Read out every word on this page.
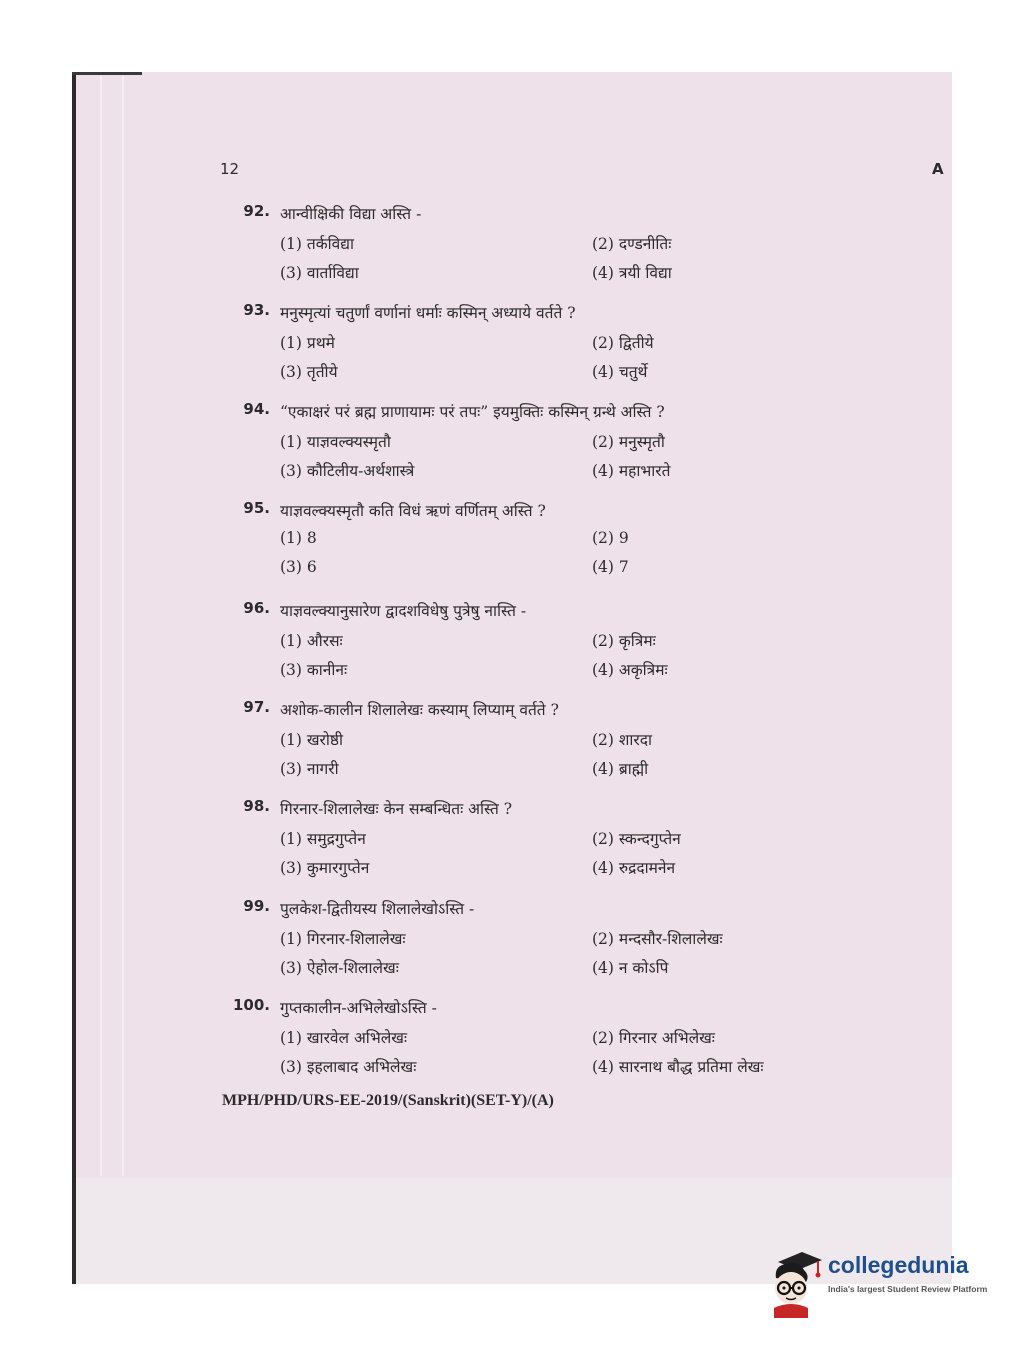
12	A
92. आन्वीक्षिकी विद्या अस्ति -
(1) तर्कविद्या	(2) दण्डनीतिः
(3) वार्ताविद्या	(4) त्रयी विद्या
93. मनुस्मृत्यां चतुर्णां वर्णानां धर्माः कस्मिन् अध्याये वर्तते ?
(1) प्रथमे	(2) द्वितीये
(3) तृतीये	(4) चतुर्थे
94. “एकाक्षरं परं ब्रह्म प्राणायामः परं तपः” इयमुक्तिः कस्मिन् ग्रन्थे अस्ति ?
(1) याज्ञवल्क्यस्मृतौ	(2) मनुस्मृतौ
(3) कौटिलीय-अर्थशास्त्रे	(4) महाभारते
95. याज्ञवल्क्यस्मृतौ कति विधं ऋणं वर्णितम् अस्ति ?
(1) 8	(2) 9
(3) 6	(4) 7
96. याज्ञवल्क्यानुसारेण द्वादशविधेषु पुत्रेषु नास्ति -
(1) औरसः	(2) कृत्रिमः
(3) कानीनः	(4) अकृत्रिमः
97. अशोक-कालीन शिलालेखः कस्याम् लिप्याम् वर्तते ?
(1) खरोष्ठी	(2) शारदा
(3) नागरी	(4) ब्राह्मी
98. गिरनार-शिलालेखः केन सम्बन्धितः अस्ति ?
(1) समुद्रगुप्तेन	(2) स्कन्दगुप्तेन
(3) कुमारगुप्तेन	(4) रुद्रदामनेन
99. पुलकेश-द्वितीयस्य शिलालेखोऽस्ति -
(1) गिरनार-शिलालेखः	(2) मन्दसौर-शिलालेखः
(3) ऐहोल-शिलालेखः	(4) न कोऽपि
100. गुप्तकालीन-अभिलेखोऽस्ति -
(1) खारवेल अभिलेखः	(2) गिरनार अभिलेखः
(3) इहलाबाद अभिलेखः	(4) सारनाथ बौद्ध प्रतिमा लेखः
MPH/PHD/URS-EE-2019/(Sanskrit)(SET-Y)/(A)
collegedunia
India's largest Student Review Platform
